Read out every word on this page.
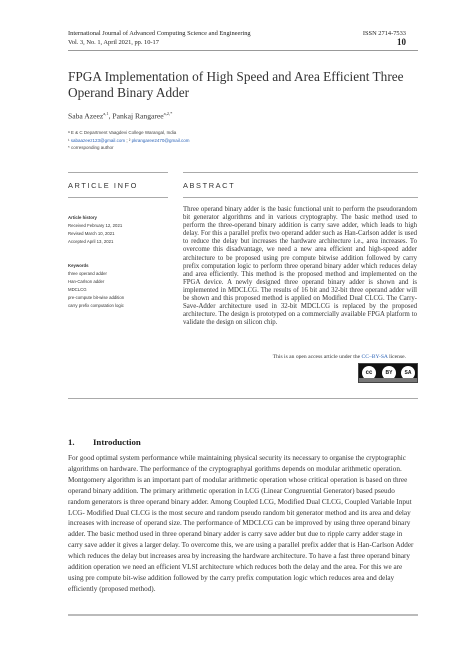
International Journal of Advanced Computing Science and Engineering
Vol. 3, No. 1, April 2021, pp. 10-17
ISSN 2714-7533
10
FPGA Implementation of High Speed and Area Efficient Three Operand Binary Adder
Saba Azeez$^{a,1}$, Pankaj Rangaree$^{a,2,*}$
ᵃ E & C Department Vaagdevi College Warangal, India
¹ sabaazeez123@gmail.com ; ² pkrangaree2470@gmail.com
* corresponding author
ARTICLE INFO	ABSTRACT
Article history
Received February 12, 2021
Revised March 10, 2021
Accepted April 13, 2021
Keywords
three operand adder
Han-Carlson adder
MDCLCG
pre-compute bit-wise addition
carry prefix computation logic
Three operand binary adder is the basic functional unit to perform the pseudorandom bit generator algorithms and in various cryptography. The basic method used to perform the three-operand binary addition is carry save adder, which leads to high delay. For this a parallel prefix two operand adder such as Han-Carlson adder is used to reduce the delay but increases the hardware architecture i.e., area increases. To overcome this disadvantage, we need a new area efficient and high-speed adder architecture to be proposed using pre compute bitwise addition followed by carry prefix computation logic to perform three operand binary adder which reduces delay and area efficiently. This method is the proposed method and implemented on the FPGA device. A newly designed three operand binary adder is shown and is implemented in MDCLCG. The results of 16 bit and 32-bit three operand adder will be shown and this proposed method is applied on Modified Dual CLCG. The Carry-Save-Adder architecture used in 32-bit MDCLCG is replaced by the proposed architecture. The design is prototyped on a commercially available FPGA platform to validate the design on silicon chip.
This is an open access article under the CC–BY-SA license.
cc	BY	SA
1. Introduction
For good optimal system performance while maintaining physical security its necessary to organise the cryptographic algorithms on hardware. The performance of the cryptographyal gorithms depends on modular arithmetic operation. Montgomery algorithm is an important part of modular arithmetic operation whose critical operation is based on three operand binary addition. The primary arithmetic operation in LCG (Linear Congruential Generator) based pseudo random generators is three operand binary adder. Among Coupled LCG, Modified Dual CLCG, Coupled Variable Input LCG- Modified Dual CLCG is the most secure and random pseudo random bit generator method and its area and delay increases with increase of operand size. The performance of MDCLCG can be improved by using three operand binary adder. The basic method used in three operand binary adder is carry save adder but due to ripple carry adder stage in carry save adder it gives a larger delay. To overcome this, we are using a parallel prefix adder that is Han-Carlson Adder which reduces the delay but increases area by increasing the hardware architecture. To have a fast three operand binary addition operation we need an efficient VLSI architecture which reduces both the delay and the area. For this we are using pre compute bit-wise addition followed by the carry prefix computation logic which reduces area and delay efficiently (proposed method).
